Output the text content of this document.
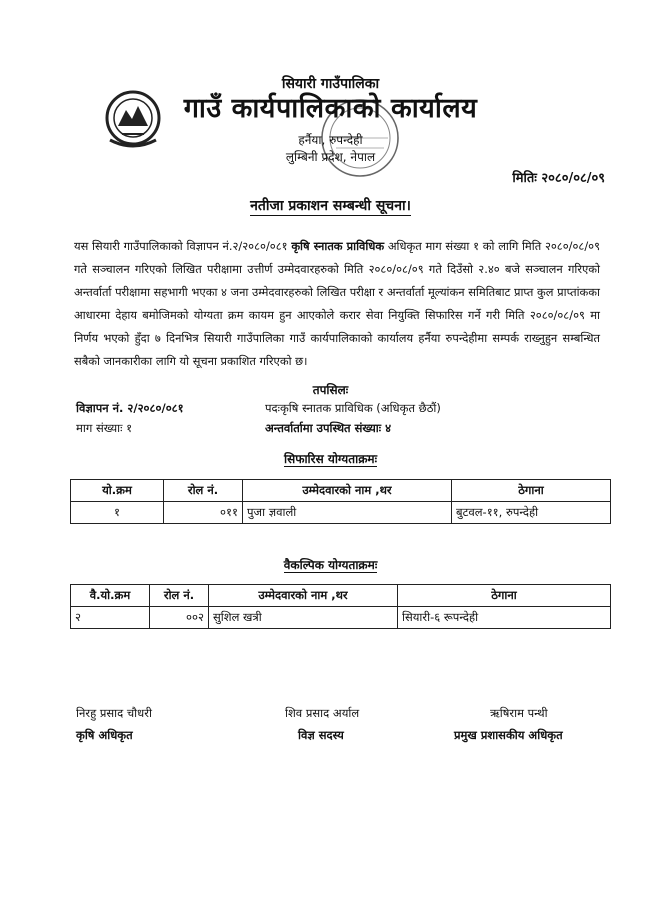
सियारी गाउँपालिका
गाउँ कार्यपालिकाको कार्यालय
हर्नैया, रुपन्देही
लुम्बिनी प्रदेश, नेपाल
मितिः २०८०/०८/०९
नतीजा प्रकाशन सम्बन्धी सूचना।
यस सियारी गाउँपालिकाको विज्ञापन नं.२/२०८०/०८१ कृषि स्नातक प्राविधिक अधिकृत माग संख्या १ को लागि मिति २०८०/०८/०९ गते सञ्चालन गरिएको लिखित परीक्षामा उत्तीर्ण उम्मेदवारहरुको मिति २०८०/०८/०९ गते दिउँसो २.४० बजे सञ्चालन गरिएको अन्तर्वार्ता परीक्षामा सहभागी भएका ४ जना उम्मेदवारहरुको लिखित परीक्षा र अन्तर्वार्ता मूल्यांकन समितिबाट प्राप्त कुल प्राप्तांकका आधारमा देहाय बमोजिमको योग्यता क्रम कायम हुन आएकोले करार सेवा नियुक्ति सिफारिस गर्ने गरी मिति २०८०/०८/०९ मा निर्णय भएको हुँदा ७ दिनभित्र सियारी गाउँपालिका गाउँ कार्यपालिकाको कार्यालय हर्नैया रुपन्देहीमा सम्पर्क राख्नुहुन सम्बन्धित सबैको जानकारीका लागि यो सूचना प्रकाशित गरिएको छ।
तपसिलः
विज्ञापन नं. २/२०८०/०८१	पदःकृषि स्नातक प्राविधिक (अधिकृत छैठौं)
माग संख्याः १	अन्तर्वार्तामा उपस्थित संख्याः ४
सिफारिस योग्यताक्रमः
यो.क्रम	रोल नं.	उम्मेदवारको नाम ,थर	ठेगाना
१	०११	पुजा ज्ञवाली	बुटवल-११, रुपन्देही
वैकल्पिक योग्यताक्रमः
वै.यो.क्रम	रोल नं.	उम्मेदवारको नाम ,थर	ठेगाना
२	००२	सुशिल खत्री	सियारी-६ रूपन्देही
निरहु प्रसाद चौधरी
कृषि अधिकृत
शिव प्रसाद अर्याल
विज्ञ सदस्य
ऋषिराम पन्थी
प्रमुख प्रशासकीय अधिकृत
